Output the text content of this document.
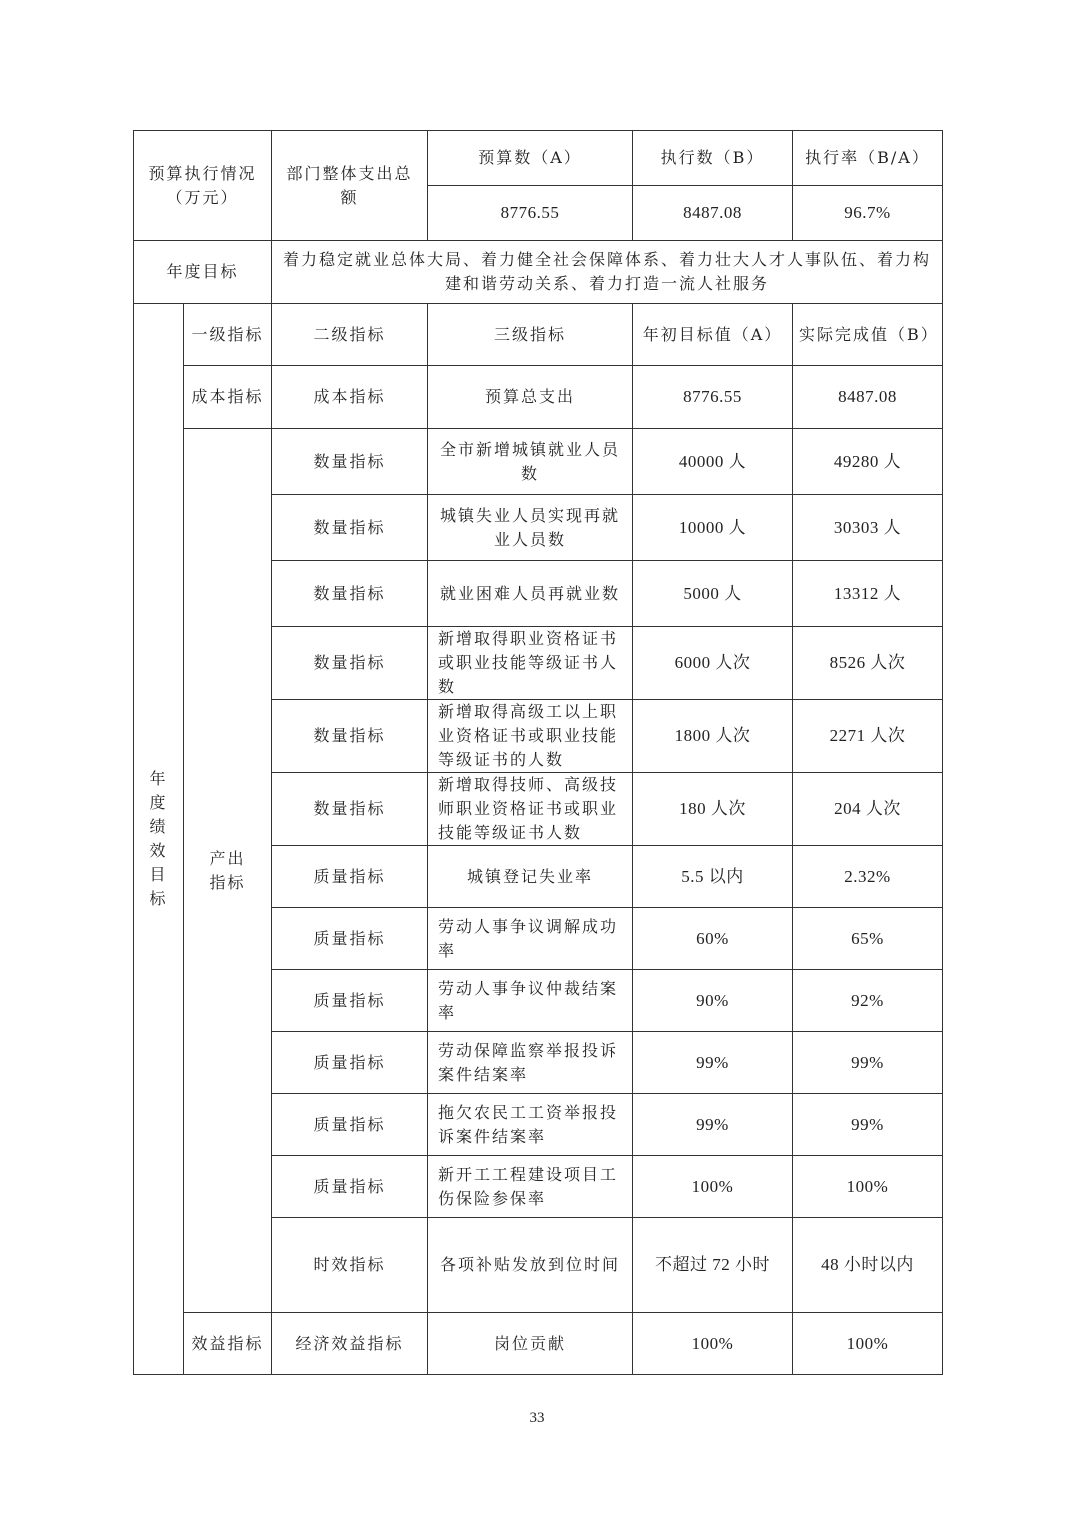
预算执行情况（万元）		部门整体支出总额	预算数（A）	执行数（B）	执行率（B/A）
			8776.55	8487.08	96.7%
年度目标		着力稳定就业总体大局、着力健全社会保障体系、着力壮大人才人事队伍、着力构建和谐劳动关系、着力打造一流人社服务			

年度绩效目标	一级指标	二级指标	三级指标	年初目标值（A）	实际完成值（B）
	成本指标	成本指标	预算总支出	8776.55	8487.08
	产出指标	数量指标	全市新增城镇就业人员数	40000 人	49280 人
		数量指标	城镇失业人员实现再就业人员数	10000 人	30303 人
		数量指标	就业困难人员再就业数	5000 人	13312 人
		数量指标	新增取得职业资格证书或职业技能等级证书人数	6000 人次	8526 人次
		数量指标	新增取得高级工以上职业资格证书或职业技能等级证书的人数	1800 人次	2271 人次
		数量指标	新增取得技师、高级技师职业资格证书或职业技能等级证书人数	180 人次	204 人次
		质量指标	城镇登记失业率	5.5 以内	2.32%
		质量指标	劳动人事争议调解成功率	60%	65%
		质量指标	劳动人事争议仲裁结案率	90%	92%
		质量指标	劳动保障监察举报投诉案件结案率	99%	99%
		质量指标	拖欠农民工工资举报投诉案件结案率	99%	99%
		质量指标	新开工工程建设项目工伤保险参保率	100%	100%
		时效指标	各项补贴发放到位时间	不超过 72 小时	48 小时以内
	效益指标	经济效益指标	岗位贡献	100%	100%
33
